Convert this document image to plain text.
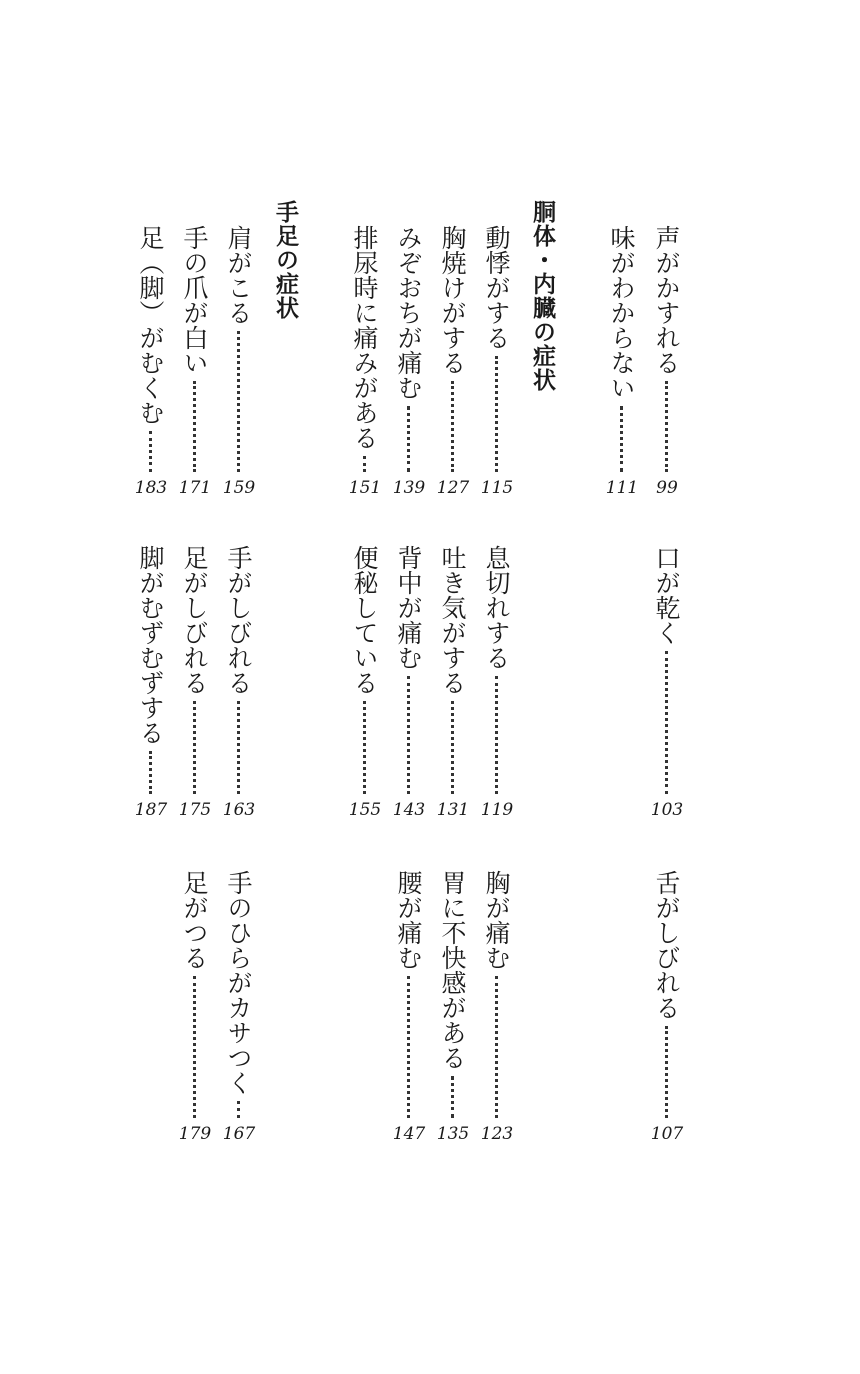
声がかすれる
99
口が乾く
103
舌がしびれる
107
味がわからない
111
胴体・内臓の症状
動悸がする
115
息切れする
119
胸が痛む
123
胸焼けがする
127
吐き気がする
131
胃に不快感がある
135
みぞおちが痛む
139
背中が痛む
143
腰が痛む
147
排尿時に痛みがある
151
便秘している
155
手足の症状
肩がこる
159
手がしびれる
163
手のひらがカサつく
167
手の爪が白い
171
足がしびれる
175
足がつる
179
足（脚）がむくむ
183
脚がむずむずする
187
